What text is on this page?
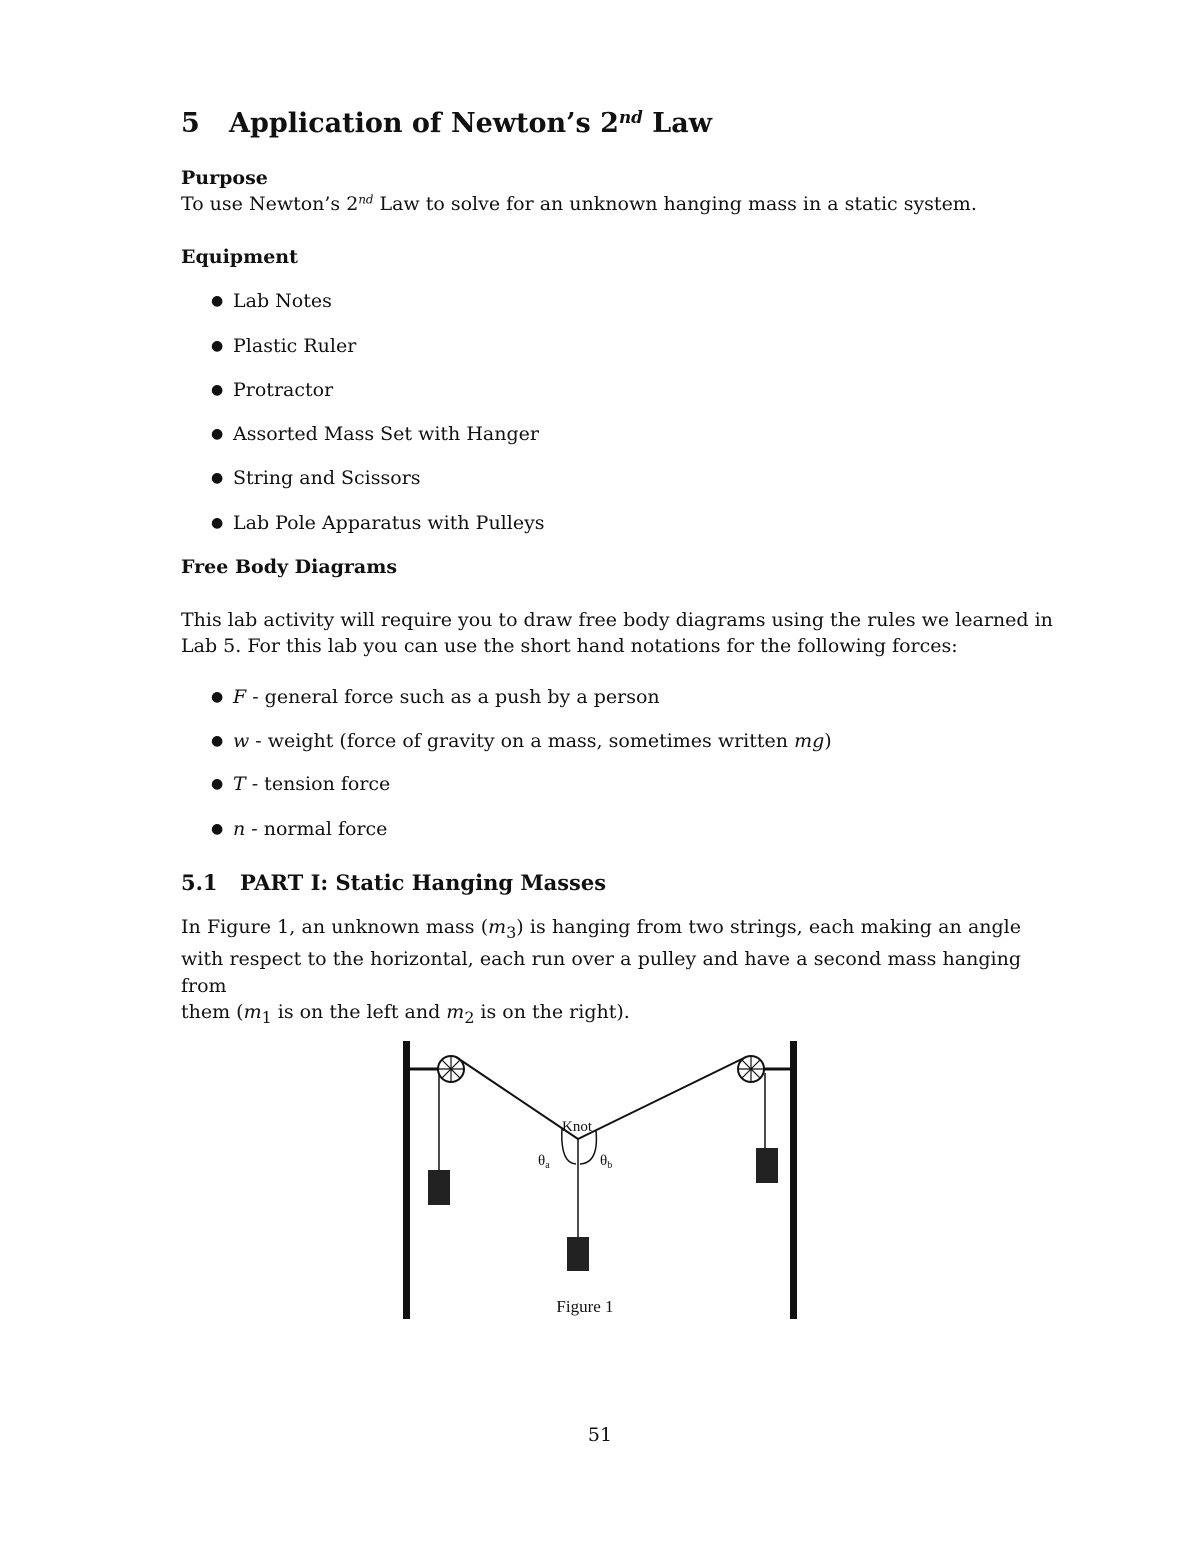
5 Application of Newton’s 2nd Law
Purpose
To use Newton’s 2nd Law to solve for an unknown hanging mass in a static system.
Equipment
● Lab Notes
● Plastic Ruler
● Protractor
● Assorted Mass Set with Hanger
● String and Scissors
● Lab Pole Apparatus with Pulleys
Free Body Diagrams
This lab activity will require you to draw free body diagrams using the rules we learned in
Lab 5. For this lab you can use the short hand notations for the following forces:
● F - general force such as a push by a person
● w - weight (force of gravity on a mass, sometimes written mg)
● T - tension force
● n - normal force
5.1 PART I: Static Hanging Masses
In Figure 1, an unknown mass $(m_3)$ is hanging from two strings, each making an angle with respect to the horizontal, each run over a pulley and have a second mass hanging from
them ($m_1$ is on the left and $m_2$ is on the right).
Knot
$\theta_a$	$\theta_b$
Figure 1
51
